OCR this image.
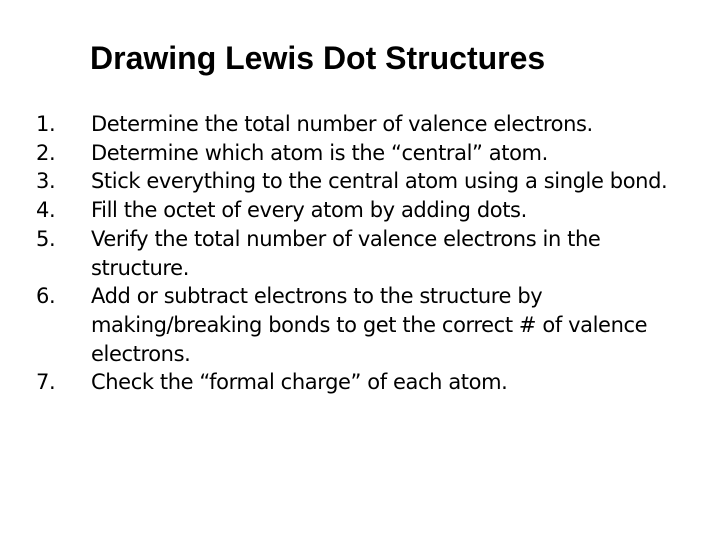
Drawing Lewis Dot Structures
1.	Determine the total number of valence electrons.
2.	Determine which atom is the “central” atom.
3.	Stick everything to the central atom using a single bond.
4.	Fill the octet of every atom by adding dots.
5.	Verify the total number of valence electrons in the structure.
6.	Add or subtract electrons to the structure by making/breaking bonds to get the correct # of valence electrons.
7.	Check the “formal charge” of each atom.
